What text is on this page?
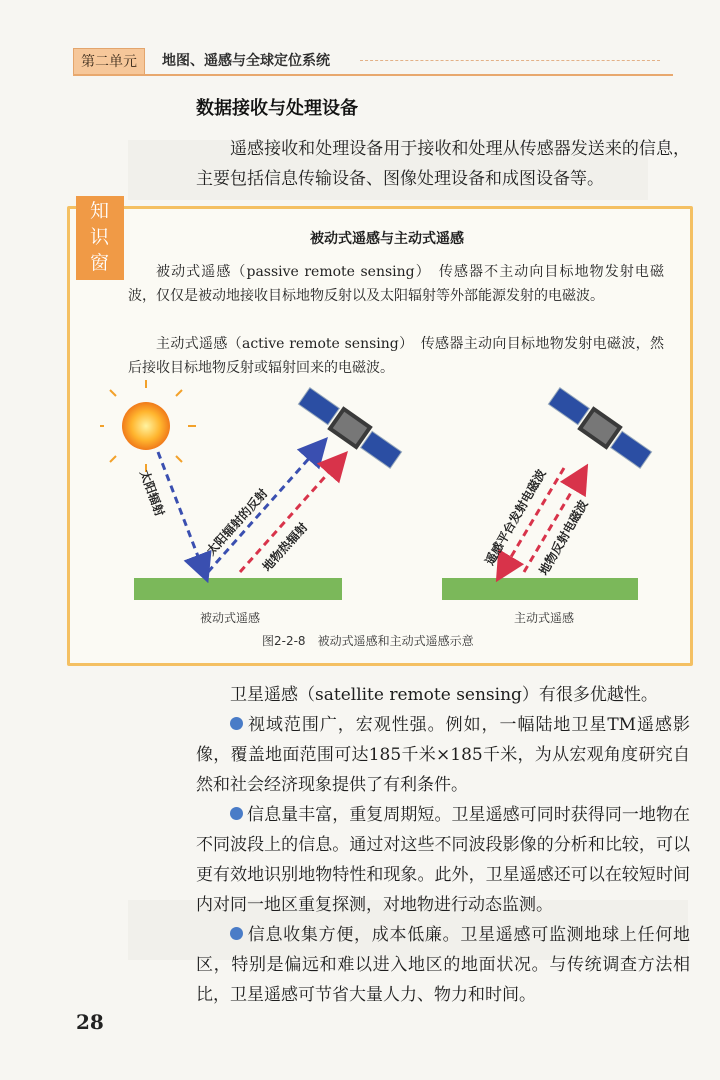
第二单元	地图、遥感与全球定位系统
数据接收与处理设备
遥感接收和处理设备用于接收和处理从传感器发送来的信息，主要包括信息传输设备、图像处理设备和成图设备等。
知识窗
被动式遥感与主动式遥感
被动式遥感（passive remote sensing）　传感器不主动向目标地物发射电磁波，仅仅是被动地接收目标地物反射以及太阳辐射等外部能源发射的电磁波。
主动式遥感（active remote sensing）　传感器主动向目标地物发射电磁波，然后接收目标地物反射或辐射回来的电磁波。
太阳辐射	太阳辐射的反射
地物热辐射	遥感平台发射电磁波
地物反射电磁波
被动式遥感	主动式遥感
图2-2-8　被动式遥感和主动式遥感示意
卫星遥感（satellite remote sensing）有很多优越性。
视域范围广，宏观性强。例如，一幅陆地卫星TM遥感影像，覆盖地面范围可达185千米×185千米，为从宏观角度研究自然和社会经济现象提供了有利条件。
信息量丰富，重复周期短。卫星遥感可同时获得同一地物在不同波段上的信息。通过对这些不同波段影像的分析和比较，可以更有效地识别地物特性和现象。此外，卫星遥感还可以在较短时间内对同一地区重复探测，对地物进行动态监测。
信息收集方便，成本低廉。卫星遥感可监测地球上任何地区，特别是偏远和难以进入地区的地面状况。与传统调查方法相比，卫星遥感可节省大量人力、物力和时间。
28
